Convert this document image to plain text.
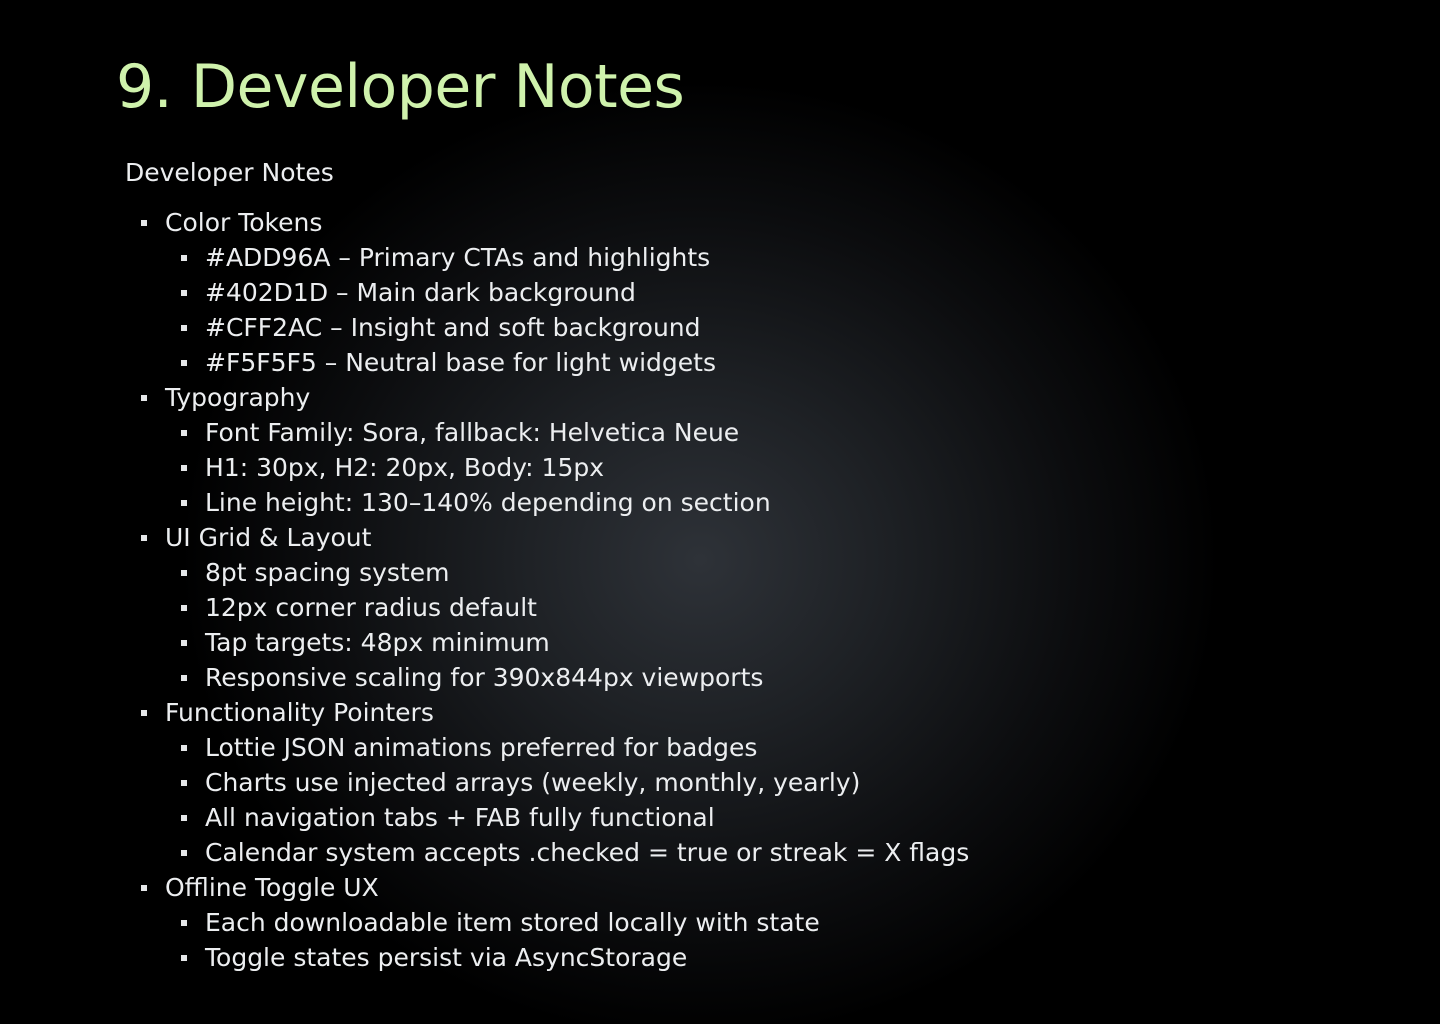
9. Developer Notes
Developer Notes
Color Tokens
#ADD96A – Primary CTAs and highlights
#402D1D – Main dark background
#CFF2AC – Insight and soft background
#F5F5F5 – Neutral base for light widgets
Typography
Font Family: Sora, fallback: Helvetica Neue
H1: 30px, H2: 20px, Body: 15px
Line height: 130–140% depending on section
UI Grid & Layout
8pt spacing system
12px corner radius default
Tap targets: 48px minimum
Responsive scaling for 390x844px viewports
Functionality Pointers
Lottie JSON animations preferred for badges
Charts use injected arrays (weekly, monthly, yearly)
All navigation tabs + FAB fully functional
Calendar system accepts .checked = true or streak = X flags
Offline Toggle UX
Each downloadable item stored locally with state
Toggle states persist via AsyncStorage
